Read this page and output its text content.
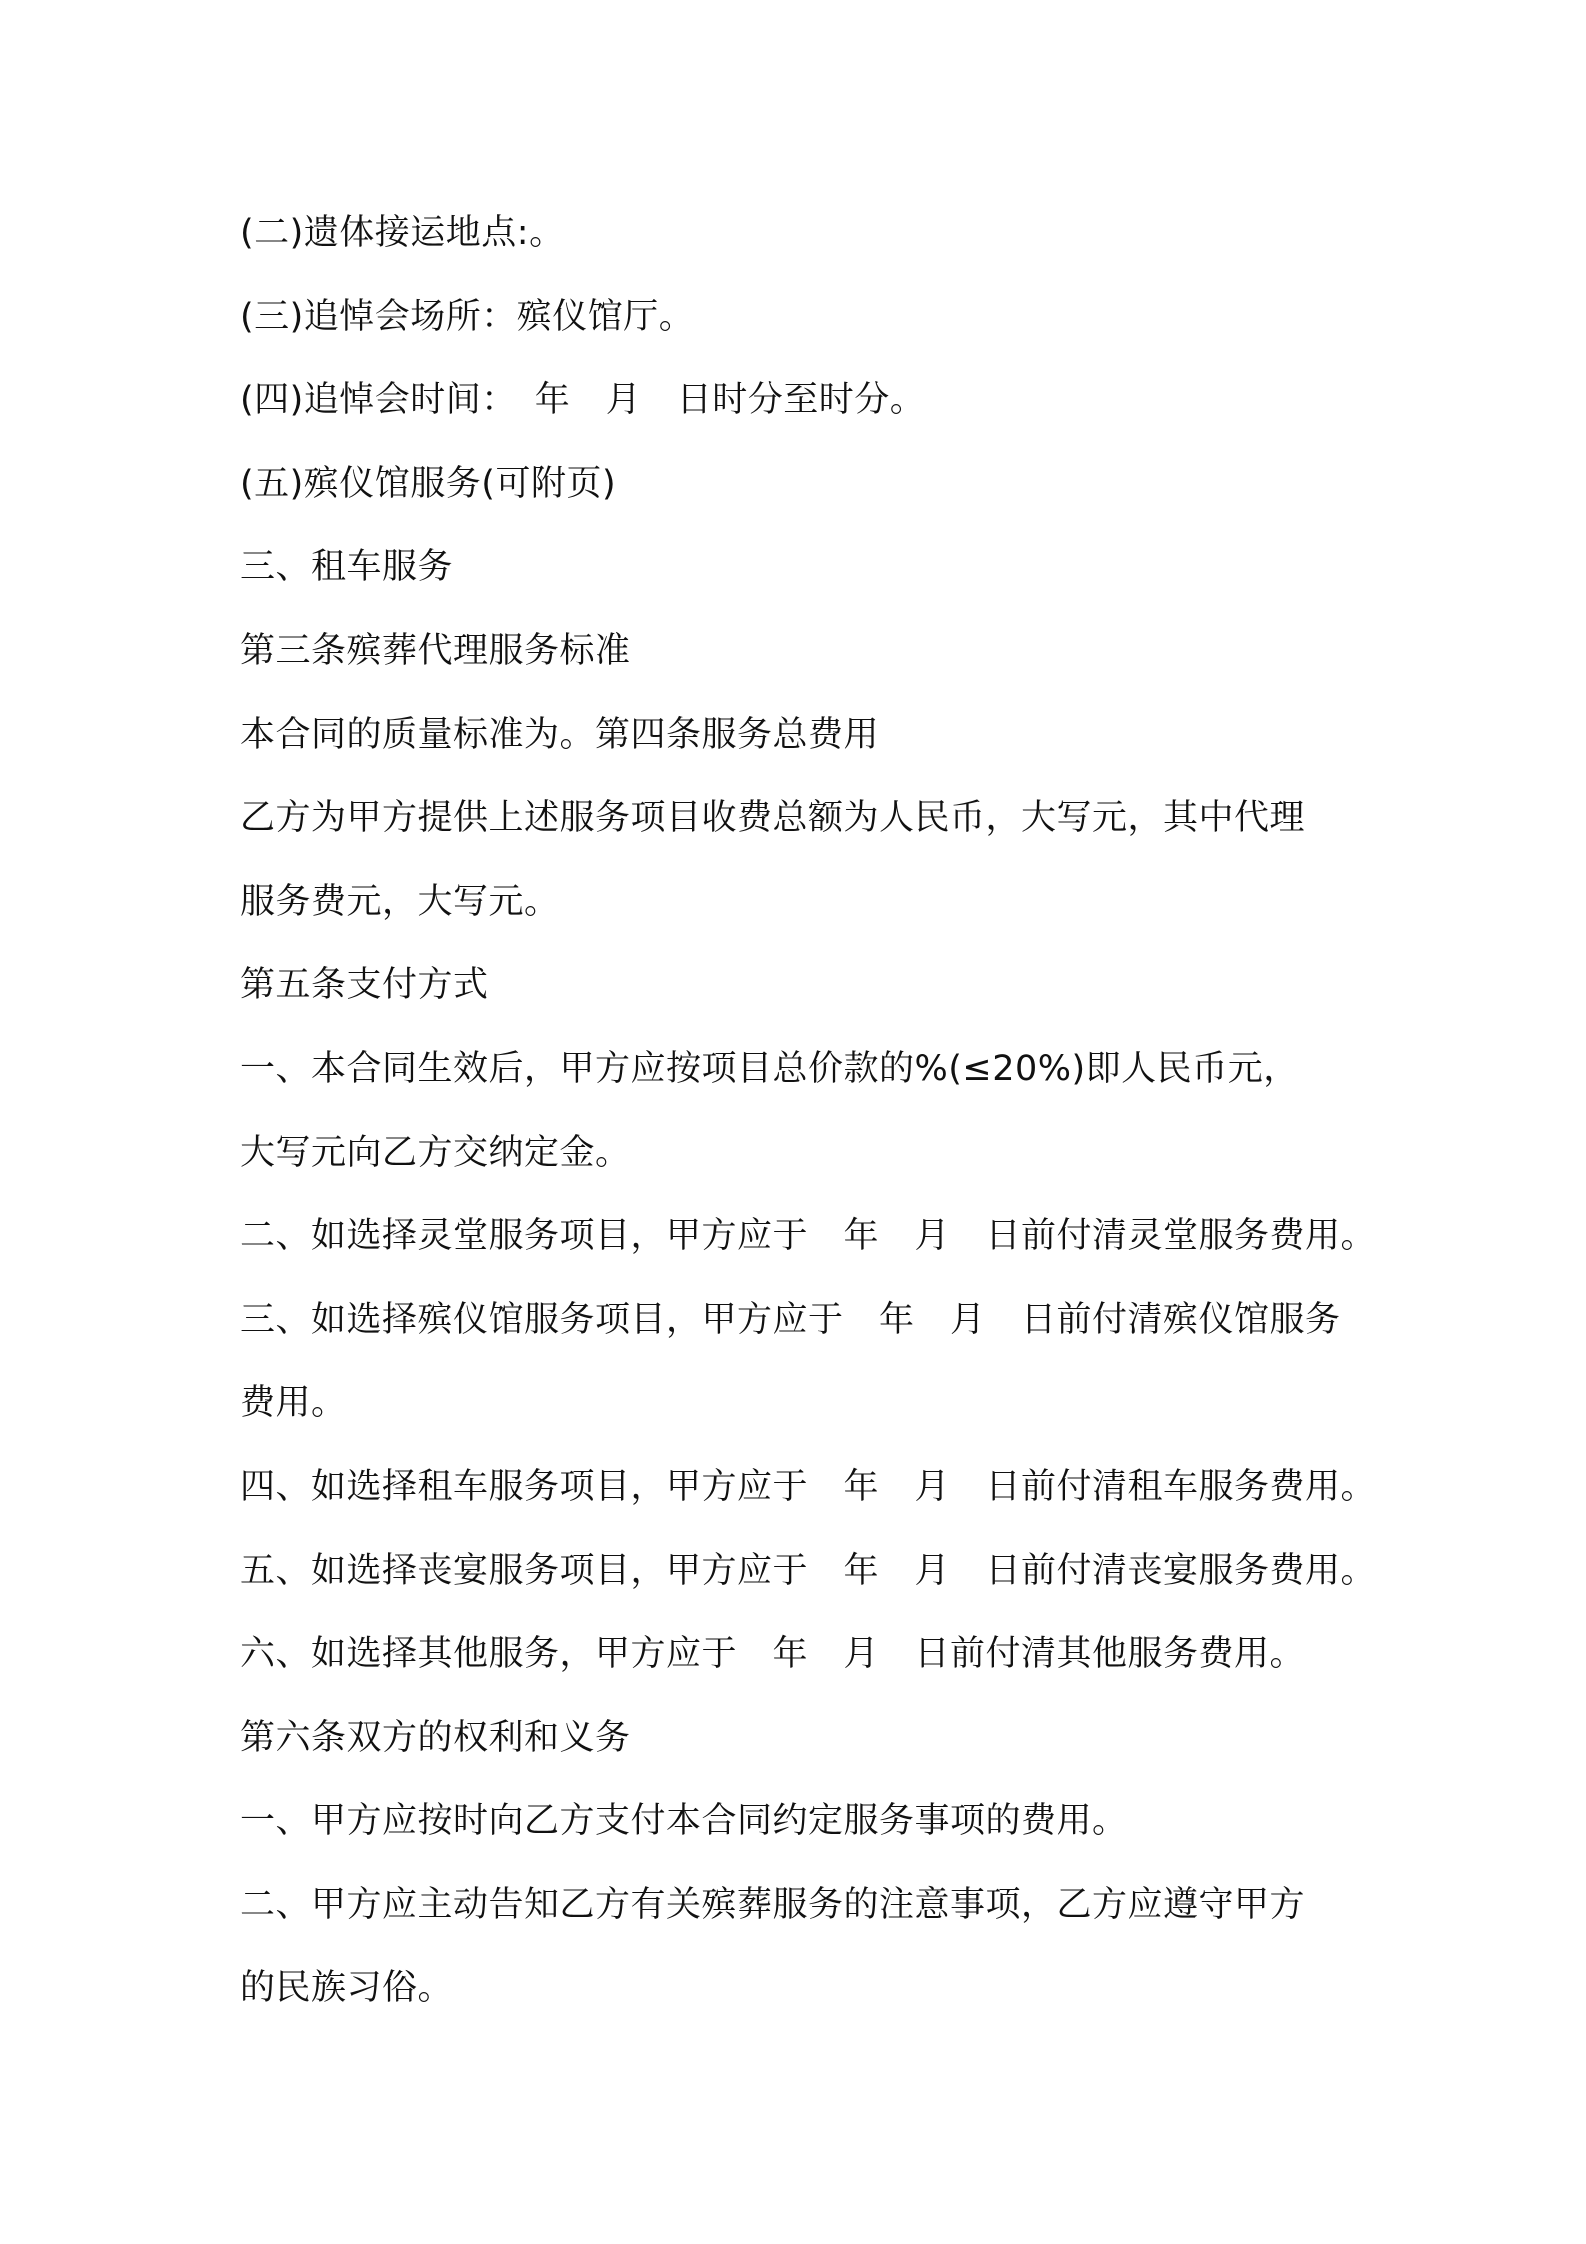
(二)遗体接运地点:。
(三)追悼会场所：殡仪馆厅。
(四)追悼会时间：　年　月　日时分至时分。
(五)殡仪馆服务(可附页)
三、租车服务
第三条殡葬代理服务标准
本合同的质量标准为。第四条服务总费用
乙方为甲方提供上述服务项目收费总额为人民币，大写元，其中代理
服务费元，大写元。
第五条支付方式
一、本合同生效后，甲方应按项目总价款的%(≤20%)即人民币元，
大写元向乙方交纳定金。
二、如选择灵堂服务项目，甲方应于　年　月　日前付清灵堂服务费用。
三、如选择殡仪馆服务项目，甲方应于　年　月　日前付清殡仪馆服务
费用。
四、如选择租车服务项目，甲方应于　年　月　日前付清租车服务费用。
五、如选择丧宴服务项目，甲方应于　年　月　日前付清丧宴服务费用。
六、如选择其他服务，甲方应于　年　月　日前付清其他服务费用。
第六条双方的权利和义务
一、甲方应按时向乙方支付本合同约定服务事项的费用。
二、甲方应主动告知乙方有关殡葬服务的注意事项，乙方应遵守甲方
的民族习俗。
